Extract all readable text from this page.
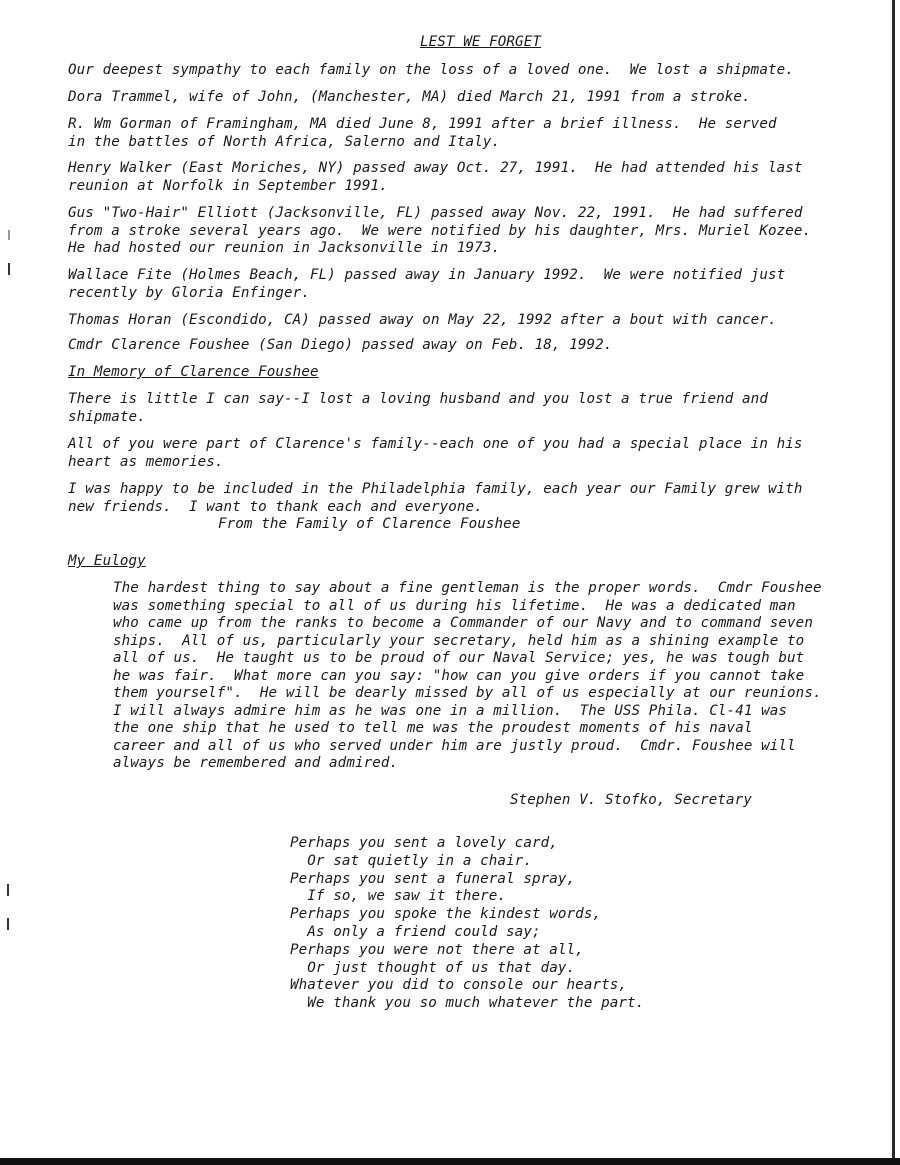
LEST WE FORGET
Our deepest sympathy to each family on the loss of a loved one.  We lost a shipmate.
Dora Trammel, wife of John, (Manchester, MA) died March 21, 1991 from a stroke.
R. Wm Gorman of Framingham, MA died June 8, 1991 after a brief illness.  He served
in the battles of North Africa, Salerno and Italy.
Henry Walker (East Moriches, NY) passed away Oct. 27, 1991.  He had attended his last
reunion at Norfolk in September 1991.
Gus "Two-Hair" Elliott (Jacksonville, FL) passed away Nov. 22, 1991.  He had suffered
from a stroke several years ago.  We were notified by his daughter, Mrs. Muriel Kozee.
He had hosted our reunion in Jacksonville in 1973.
Wallace Fite (Holmes Beach, FL) passed away in January 1992.  We were notified just
recently by Gloria Enfinger.
Thomas Horan (Escondido, CA) passed away on May 22, 1992 after a bout with cancer.
Cmdr Clarence Foushee (San Diego) passed away on Feb. 18, 1992.
In Memory of Clarence Foushee
There is little I can say--I lost a loving husband and you lost a true friend and
shipmate.
All of you were part of Clarence's family--each one of you had a special place in his
heart as memories.
I was happy to be included in the Philadelphia family, each year our Family grew with
new friends.  I want to thank each and everyone.
From the Family of Clarence Foushee
My Eulogy
The hardest thing to say about a fine gentleman is the proper words.  Cmdr Foushee
was something special to all of us during his lifetime.  He was a dedicated man
who came up from the ranks to become a Commander of our Navy and to command seven
ships.  All of us, particularly your secretary, held him as a shining example to
all of us.  He taught us to be proud of our Naval Service; yes, he was tough but
he was fair.  What more can you say: "how can you give orders if you cannot take
them yourself".  He will be dearly missed by all of us especially at our reunions.
I will always admire him as he was one in a million.  The USS Phila. Cl-41 was
the one ship that he used to tell me was the proudest moments of his naval
career and all of us who served under him are justly proud.  Cmdr. Foushee will
always be remembered and admired.
Stephen V. Stofko, Secretary
Perhaps you sent a lovely card,
Or sat quietly in a chair.
Perhaps you sent a funeral spray,
If so, we saw it there.
Perhaps you spoke the kindest words,
As only a friend could say;
Perhaps you were not there at all,
Or just thought of us that day.
Whatever you did to console our hearts,
We thank you so much whatever the part.
